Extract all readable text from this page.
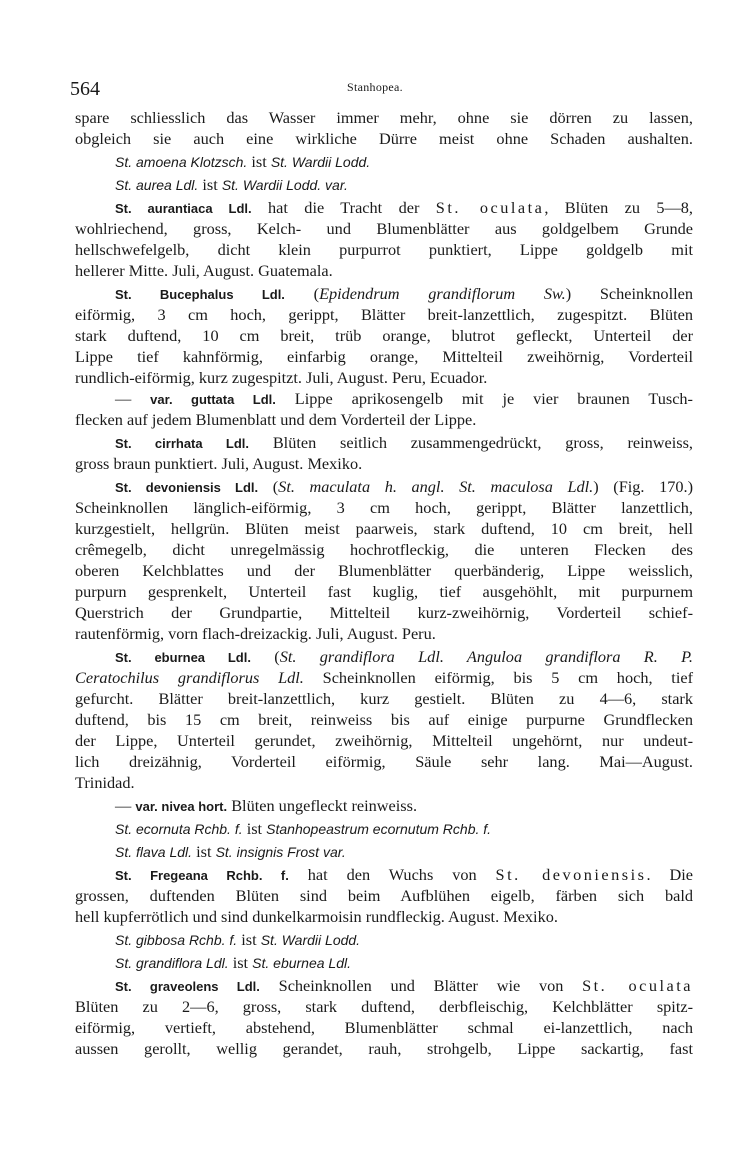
564	Stanhopea.
spare schliesslich das Wasser immer mehr, ohne sie dörren zu lassen,
obgleich sie auch eine wirkliche Dürre meist ohne Schaden aushalten.
St. amoena Klotzsch. ist St. Wardii Lodd.
St. aurea Ldl. ist St. Wardii Lodd. var.
St. aurantiaca Ldl. hat die Tracht der St. oculata, Blüten zu 5—8,
wohlriechend, gross, Kelch- und Blumenblätter aus goldgelbem Grunde
hellschwefelgelb, dicht klein purpurrot punktiert, Lippe goldgelb mit
hellerer Mitte. Juli, August. Guatemala.
St. Bucephalus Ldl. (Epidendrum grandiflorum Sw.) Scheinknollen
eiförmig, 3 cm hoch, gerippt, Blätter breit-lanzettlich, zugespitzt. Blüten
stark duftend, 10 cm breit, trüb orange, blutrot gefleckt, Unterteil der
Lippe tief kahnförmig, einfarbig orange, Mittelteil zweihörnig, Vorderteil
rundlich-eiförmig, kurz zugespitzt. Juli, August. Peru, Ecuador.
— var. guttata Ldl. Lippe aprikosengelb mit je vier braunen Tusch-
flecken auf jedem Blumenblatt und dem Vorderteil der Lippe.
St. cirrhata Ldl. Blüten seitlich zusammengedrückt, gross, reinweiss,
gross braun punktiert. Juli, August. Mexiko.
St. devoniensis Ldl. (St. maculata h. angl. St. maculosa Ldl.) (Fig. 170.)
Scheinknollen länglich-eiförmig, 3 cm hoch, gerippt, Blätter lanzettlich,
kurzgestielt, hellgrün. Blüten meist paarweis, stark duftend, 10 cm breit, hell
crêmegelb, dicht unregelmässig hochrotfleckig, die unteren Flecken des
oberen Kelchblattes und der Blumenblätter querbänderig, Lippe weisslich,
purpurn gesprenkelt, Unterteil fast kuglig, tief ausgehöhlt, mit purpurnem
Querstrich der Grundpartie, Mittelteil kurz-zweihörnig, Vorderteil schief-
rautenförmig, vorn flach-dreizackig. Juli, August. Peru.
St. eburnea Ldl. (St. grandiflora Ldl. Anguloa grandiflora R. P.
Ceratochilus grandiflorus Ldl. Scheinknollen eiförmig, bis 5 cm hoch, tief
gefurcht. Blätter breit-lanzettlich, kurz gestielt. Blüten zu 4—6, stark
duftend, bis 15 cm breit, reinweiss bis auf einige purpurne Grundflecken
der Lippe, Unterteil gerundet, zweihörnig, Mittelteil ungehörnt, nur undeut-
lich dreizähnig, Vorderteil eiförmig, Säule sehr lang. Mai—August.
Trinidad.
— var. nivea hort. Blüten ungefleckt reinweiss.
St. ecornuta Rchb. f. ist Stanhopeastrum ecornutum Rchb. f.
St. flava Ldl. ist St. insignis Frost var.
St. Fregeana Rchb. f. hat den Wuchs von St. devoniensis. Die
grossen, duftenden Blüten sind beim Aufblühen eigelb, färben sich bald
hell kupferrötlich und sind dunkelkarmoisin rundfleckig. August. Mexiko.
St. gibbosa Rchb. f. ist St. Wardii Lodd.
St. grandiflora Ldl. ist St. eburnea Ldl.
St. graveolens Ldl. Scheinknollen und Blätter wie von St. oculata
Blüten zu 2—6, gross, stark duftend, derbfleischig, Kelchblätter spitz-
eiförmig, vertieft, abstehend, Blumenblätter schmal ei-lanzettlich, nach
aussen gerollt, wellig gerandet, rauh, strohgelb, Lippe sackartig, fast
